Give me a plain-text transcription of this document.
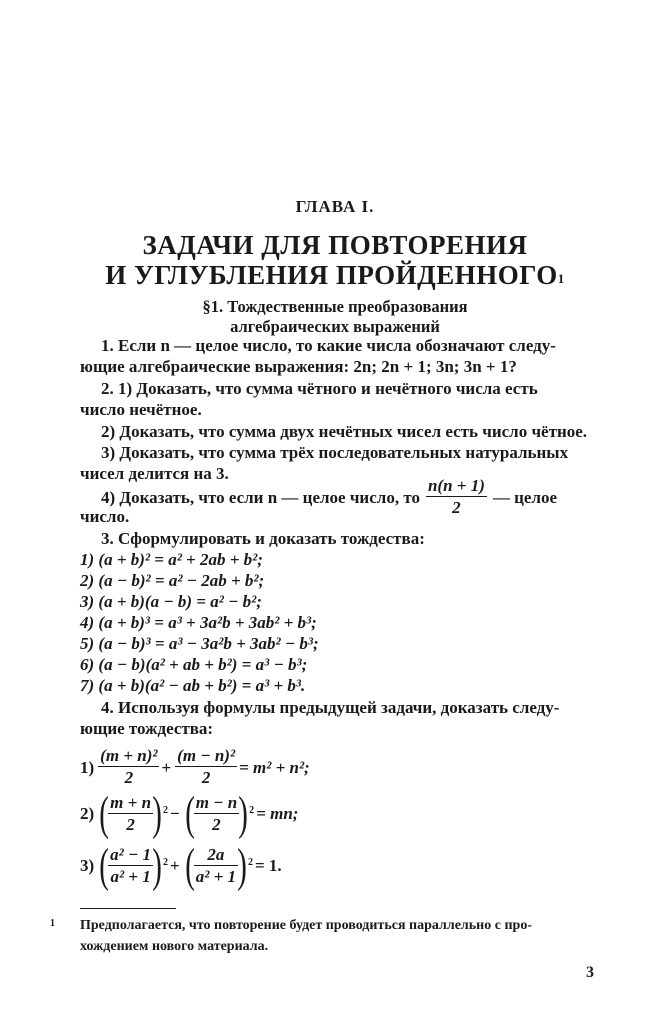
ГЛАВА I.
ЗАДАЧИ ДЛЯ ПОВТОРЕНИЯ
И УГЛУБЛЕНИЯ ПРОЙДЕННОГО$^1$
§1. Тождественные преобразования
алгебраических выражений
1. Если n — целое число, то какие числа обозначают следу-
ющие алгебраические выражения: 2n; 2n + 1; 3n; 3n + 1?
2. 1) Доказать, что сумма чётного и нечётного числа есть
число нечётное.
2) Доказать, что сумма двух нечётных чисел есть число чётное.
3) Доказать, что сумма трёх последовательных натуральных
чисел делится на 3.
4) Доказать, что если n — целое число, то $\frac{n(n + 1)}{2}$ — целое
число.
3. Сформулировать и доказать тождества:
1) (a + b)² = a² + 2ab + b²;
2) (a − b)² = a² − 2ab + b²;
3) (a + b)(a − b) = a² − b²;
4) (a + b)³ = a³ + 3a²b + 3ab² + b³;
5) (a − b)³ = a³ − 3a²b + 3ab² − b³;
6) (a − b)(a² + ab + b²) = a³ − b³;
7) (a + b)(a² − ab + b²) = a³ + b³.
4. Используя формулы предыдущей задачи, доказать следу-
ющие тождества:
$1) \frac{\text{(m + n)²}}{2} + \frac{\text{(m − n)²}}{2} = m^2 + n^2$;
2) ( $\frac{m + n}{2}$ ) 2 − ( $\frac{m - n}{2}$ ) 2 = mn;
3) ( $\frac{\text{a² − 1}}{\text{a² + 1}}$ ) 2 + ( $\frac{2a}{\text{a² + 1}}$ ) 2 = 1.
1 Предполагается, что повторение будет проводиться параллельно с про- хождением нового материала.
3
